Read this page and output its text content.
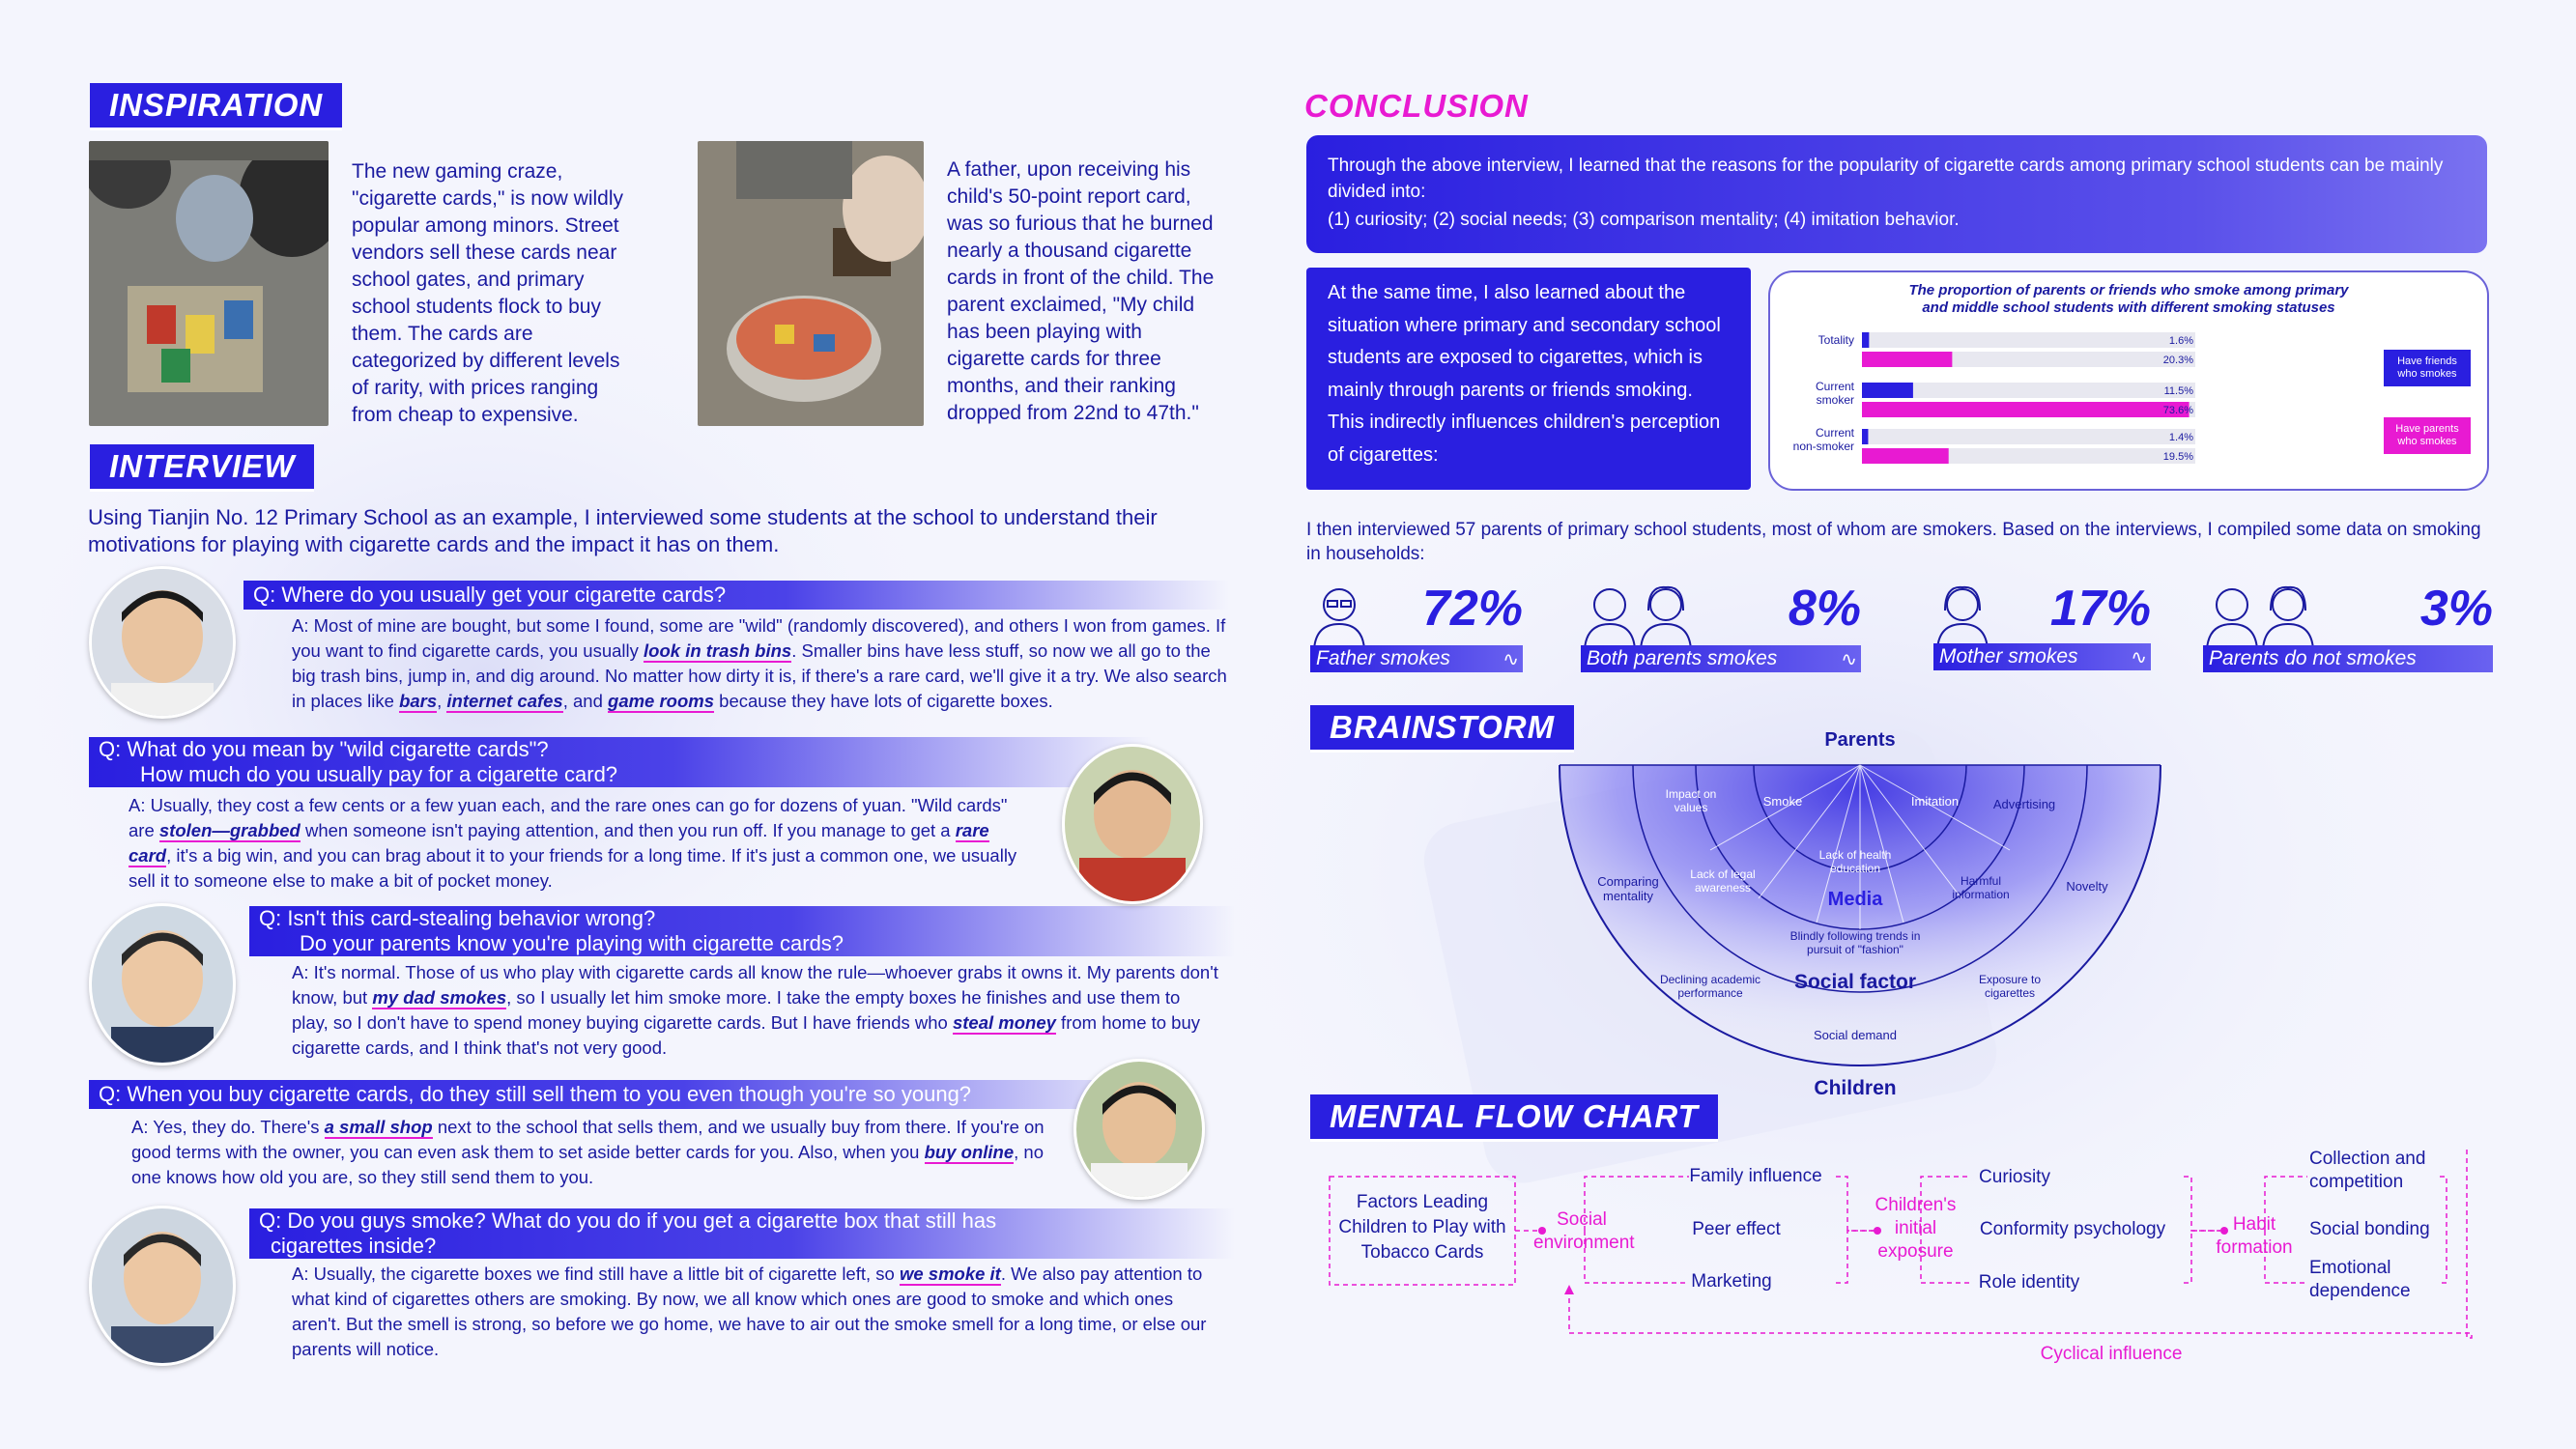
INSPIRATION
The new gaming craze, "cigarette cards," is now wildly popular among minors. Street vendors sell these cards near school gates, and primary school students flock to buy them. The cards are categorized by different levels of rarity, with prices ranging from cheap to expensive.
A father, upon receiving his child's 50-point report card, was so furious that he burned nearly a thousand cigarette cards in front of the child. The parent exclaimed, "My child has been playing with cigarette cards for three months, and their ranking dropped from 22nd to 47th."
INTERVIEW
Using Tianjin No. 12 Primary School as an example, I interviewed some students at the school to understand their motivations for playing with cigarette cards and the impact it has on them.
Q: Where do you usually get your cigarette cards?
A: Most of mine are bought, but some I found, some are "wild" (randomly discovered), and others I won from games. If you want to find cigarette cards, you usually look in trash bins. Smaller bins have less stuff, so now we all go to the big trash bins, jump in, and dig around. No matter how dirty it is, if there's a rare card, we'll give it a try. We also search in places like bars, internet cafes, and game rooms because they have lots of cigarette boxes.
Q: What do you mean by "wild cigarette cards"?
How much do you usually pay for a cigarette card?
A: Usually, they cost a few cents or a few yuan each, and the rare ones can go for dozens of yuan. "Wild cards" are stolen—grabbed when someone isn't paying attention, and then you run off. If you manage to get a rare card, it's a big win, and you can brag about it to your friends for a long time. If it's just a common one, we usually sell it to someone else to make a bit of pocket money.
Q: Isn't this card-stealing behavior wrong?
Do your parents know you're playing with cigarette cards?
A: It's normal. Those of us who play with cigarette cards all know the rule—whoever grabs it owns it. My parents don't know, but my dad smokes, so I usually let him smoke more. I take the empty boxes he finishes and use them to play, so I don't have to spend money buying cigarette cards. But I have friends who steal money from home to buy cigarette cards, and I think that's not very good.
Q: When you buy cigarette cards, do they still sell them to you even though you're so young?
A: Yes, they do. There's a small shop next to the school that sells them, and we usually buy from there. If you're on good terms with the owner, you can even ask them to set aside better cards for you. Also, when you buy online, no one knows how old you are, so they still send them to you.
Q: Do you guys smoke? What do you do if you get a cigarette box that still has
cigarettes inside?
A: Usually, the cigarette boxes we find still have a little bit of cigarette left, so we smoke it. We also pay attention to what kind of cigarettes others are smoking. By now, we all know which ones are good to smoke and which ones aren't. But the smell is strong, so before we go home, we have to air out the smoke smell for a long time, or else our parents will notice.
CONCLUSION
Through the above interview, I learned that the reasons for the popularity of cigarette cards among primary school students can be mainly divided into:
(1) curiosity; (2) social needs; (3) comparison mentality; (4) imitation behavior.
At the same time, I also learned about the situation where primary and secondary school students are exposed to cigarettes, which is mainly through parents or friends smoking. This indirectly influences children's perception of cigarettes:
The proportion of parents or friends who smoke among primary
and middle school students with different smoking statuses
1.6%
20.3%
Totality
11.5%
73.6%
Current
smoker
1.4%
19.5%
Current
non-smoker
Have friends
who smokes
Have parents
who smokes
I then interviewed 57 parents of primary school students, most of whom are smokers. Based on the interviews, I compiled some data on smoking in households:
72%
Father smokes	∿
8%
Both parents smokes	∿
17%
Mother smokes	∿
3%
Parents do not smokes
BRAINSTORM	Parents
Children
Media
Social factor
Comparing mentality
Novelty
Impact on values	Smoke	Imitation	Advertising
Lack of legal awareness
Lack of health education
Harmful information
Blindly following trends in pursuit of "fashion"
Declining academic performance
Exposure to cigarettes
Social demand
MENTAL FLOW CHART
Factors Leading Children to Play with Tobacco Cards
Social environment
Family influence
Peer effect
Marketing
Children's initial exposure
Curiosity
Conformity psychology
Role identity
Habit formation
Collection and competition
Social bonding
Emotional dependence
Cyclical influence
